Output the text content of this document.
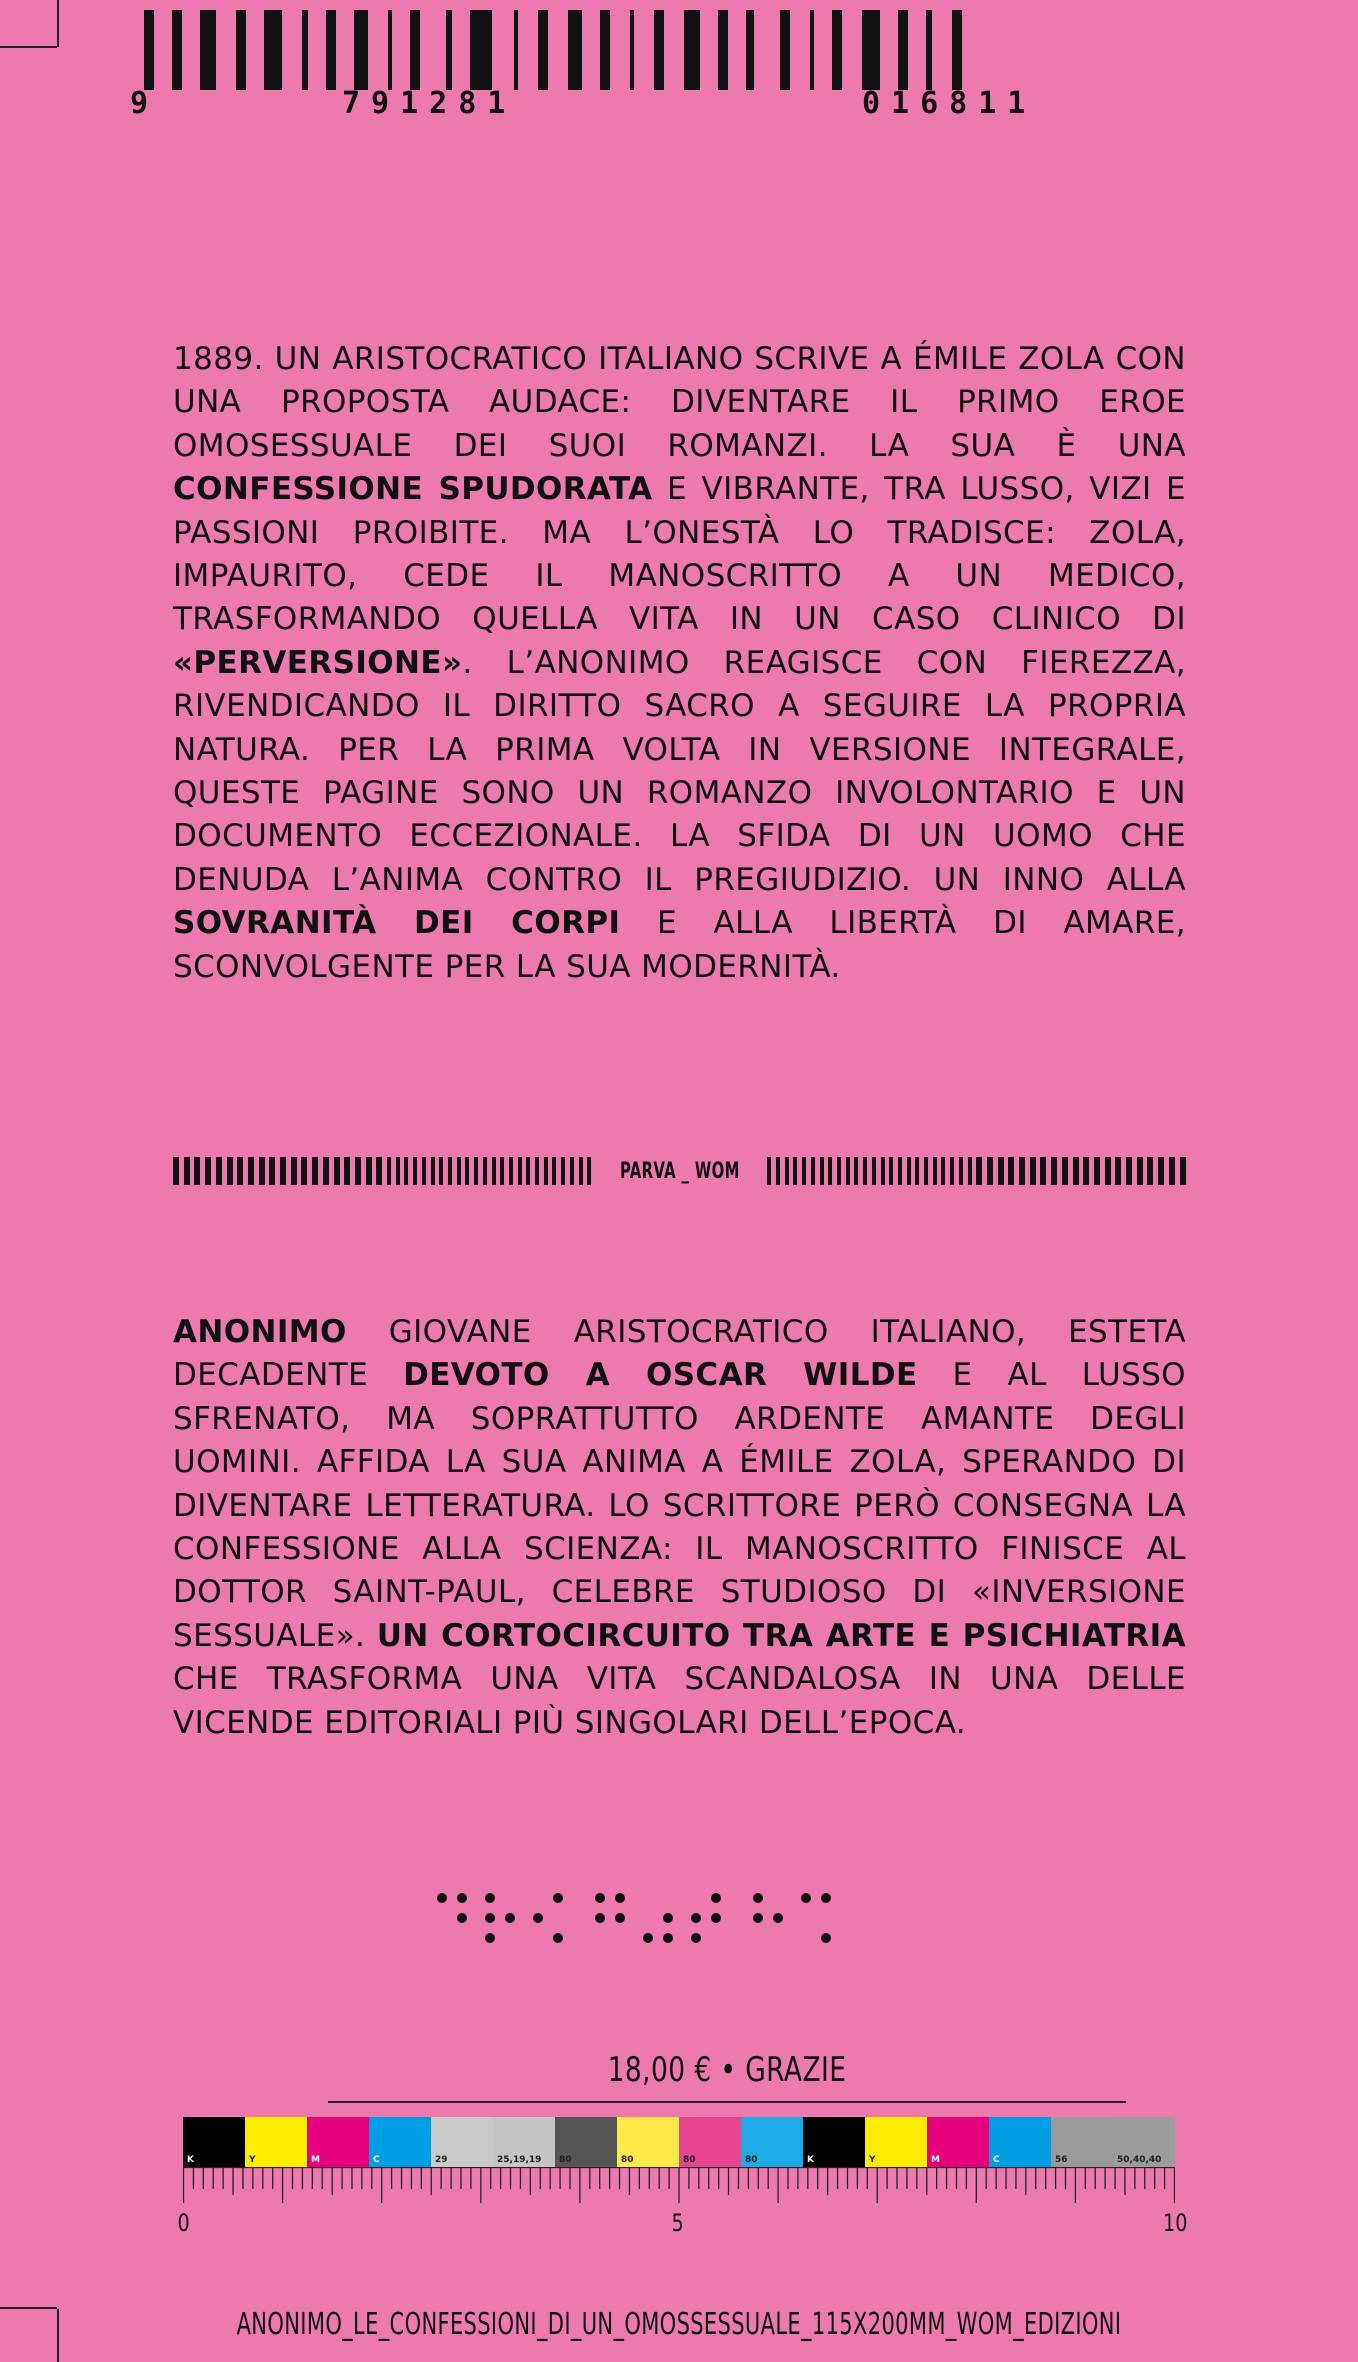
9	791281	016811
1889. UN ARISTOCRATICO ITALIANO SCRIVE A ÉMILE ZOLA CON UNA PROPOSTA AUDACE: DIVENTARE IL PRIMO EROE OMOSESSUALE DEI SUOI ROMANZI. LA SUA È UNA CONFESSIONE SPUDORATA E VIBRANTE, TRA LUSSO, VIZI E PASSIONI PROIBITE. MA L’ONESTÀ LO TRADISCE: ZOLA, IMPAURITO, CEDE IL MANOSCRITTO A UN MEDICO, TRASFORMANDO QUELLA VITA IN UN CASO CLINICO DI «PERVERSIONE». L’ANONIMO REAGISCE CON FIEREZZA, RIVENDICANDO IL DIRITTO SACRO A SEGUIRE LA PROPRIA NATURA. PER LA PRIMA VOLTA IN VERSIONE INTEGRALE, QUESTE PAGINE SONO UN ROMANZO INVOLONTARIO E UN DOCUMENTO ECCEZIONALE. LA SFIDA DI UN UOMO CHE DENUDA L’ANIMA CONTRO IL PREGIUDIZIO. UN INNO ALLA SOVRANITÀ DEI CORPI E ALLA LIBERTÀ DI AMARE, SCONVOLGENTE PER LA SUA MODERNITÀ.
PARVA _ WOM
ANONIMO GIOVANE ARISTOCRATICO ITALIANO, ESTETA DECADENTE DEVOTO A OSCAR WILDE E AL LUSSO SFRENATO, MA SOPRATTUTTO ARDENTE AMANTE DEGLI UOMINI. AFFIDA LA SUA ANIMA A ÉMILE ZOLA, SPERANDO DI DIVENTARE LETTERATURA. LO SCRITTORE PERÒ CONSEGNA LA CONFESSIONE ALLA SCIENZA: IL MANOSCRITTO FINISCE AL DOTTOR SAINT-PAUL, CELEBRE STUDIOSO DI «INVERSIONE SESSUALE». UN CORTOCIRCUITO TRA ARTE E PSICHIATRIA CHE TRASFORMA UNA VITA SCANDALOSA IN UNA DELLE VICENDE EDITORIALI PIÙ SINGOLARI DELL’EPOCA.
18,00 € • GRAZIE
K	Y	M	C	29	25,19,19 80	80	80	80	K	Y	M	C	56	50,40,40
0	5	10
ANONIMO_LE_CONFESSIONI_DI_UN_OMOSSESSUALE_115X200MM_WOM_EDIZIONI
